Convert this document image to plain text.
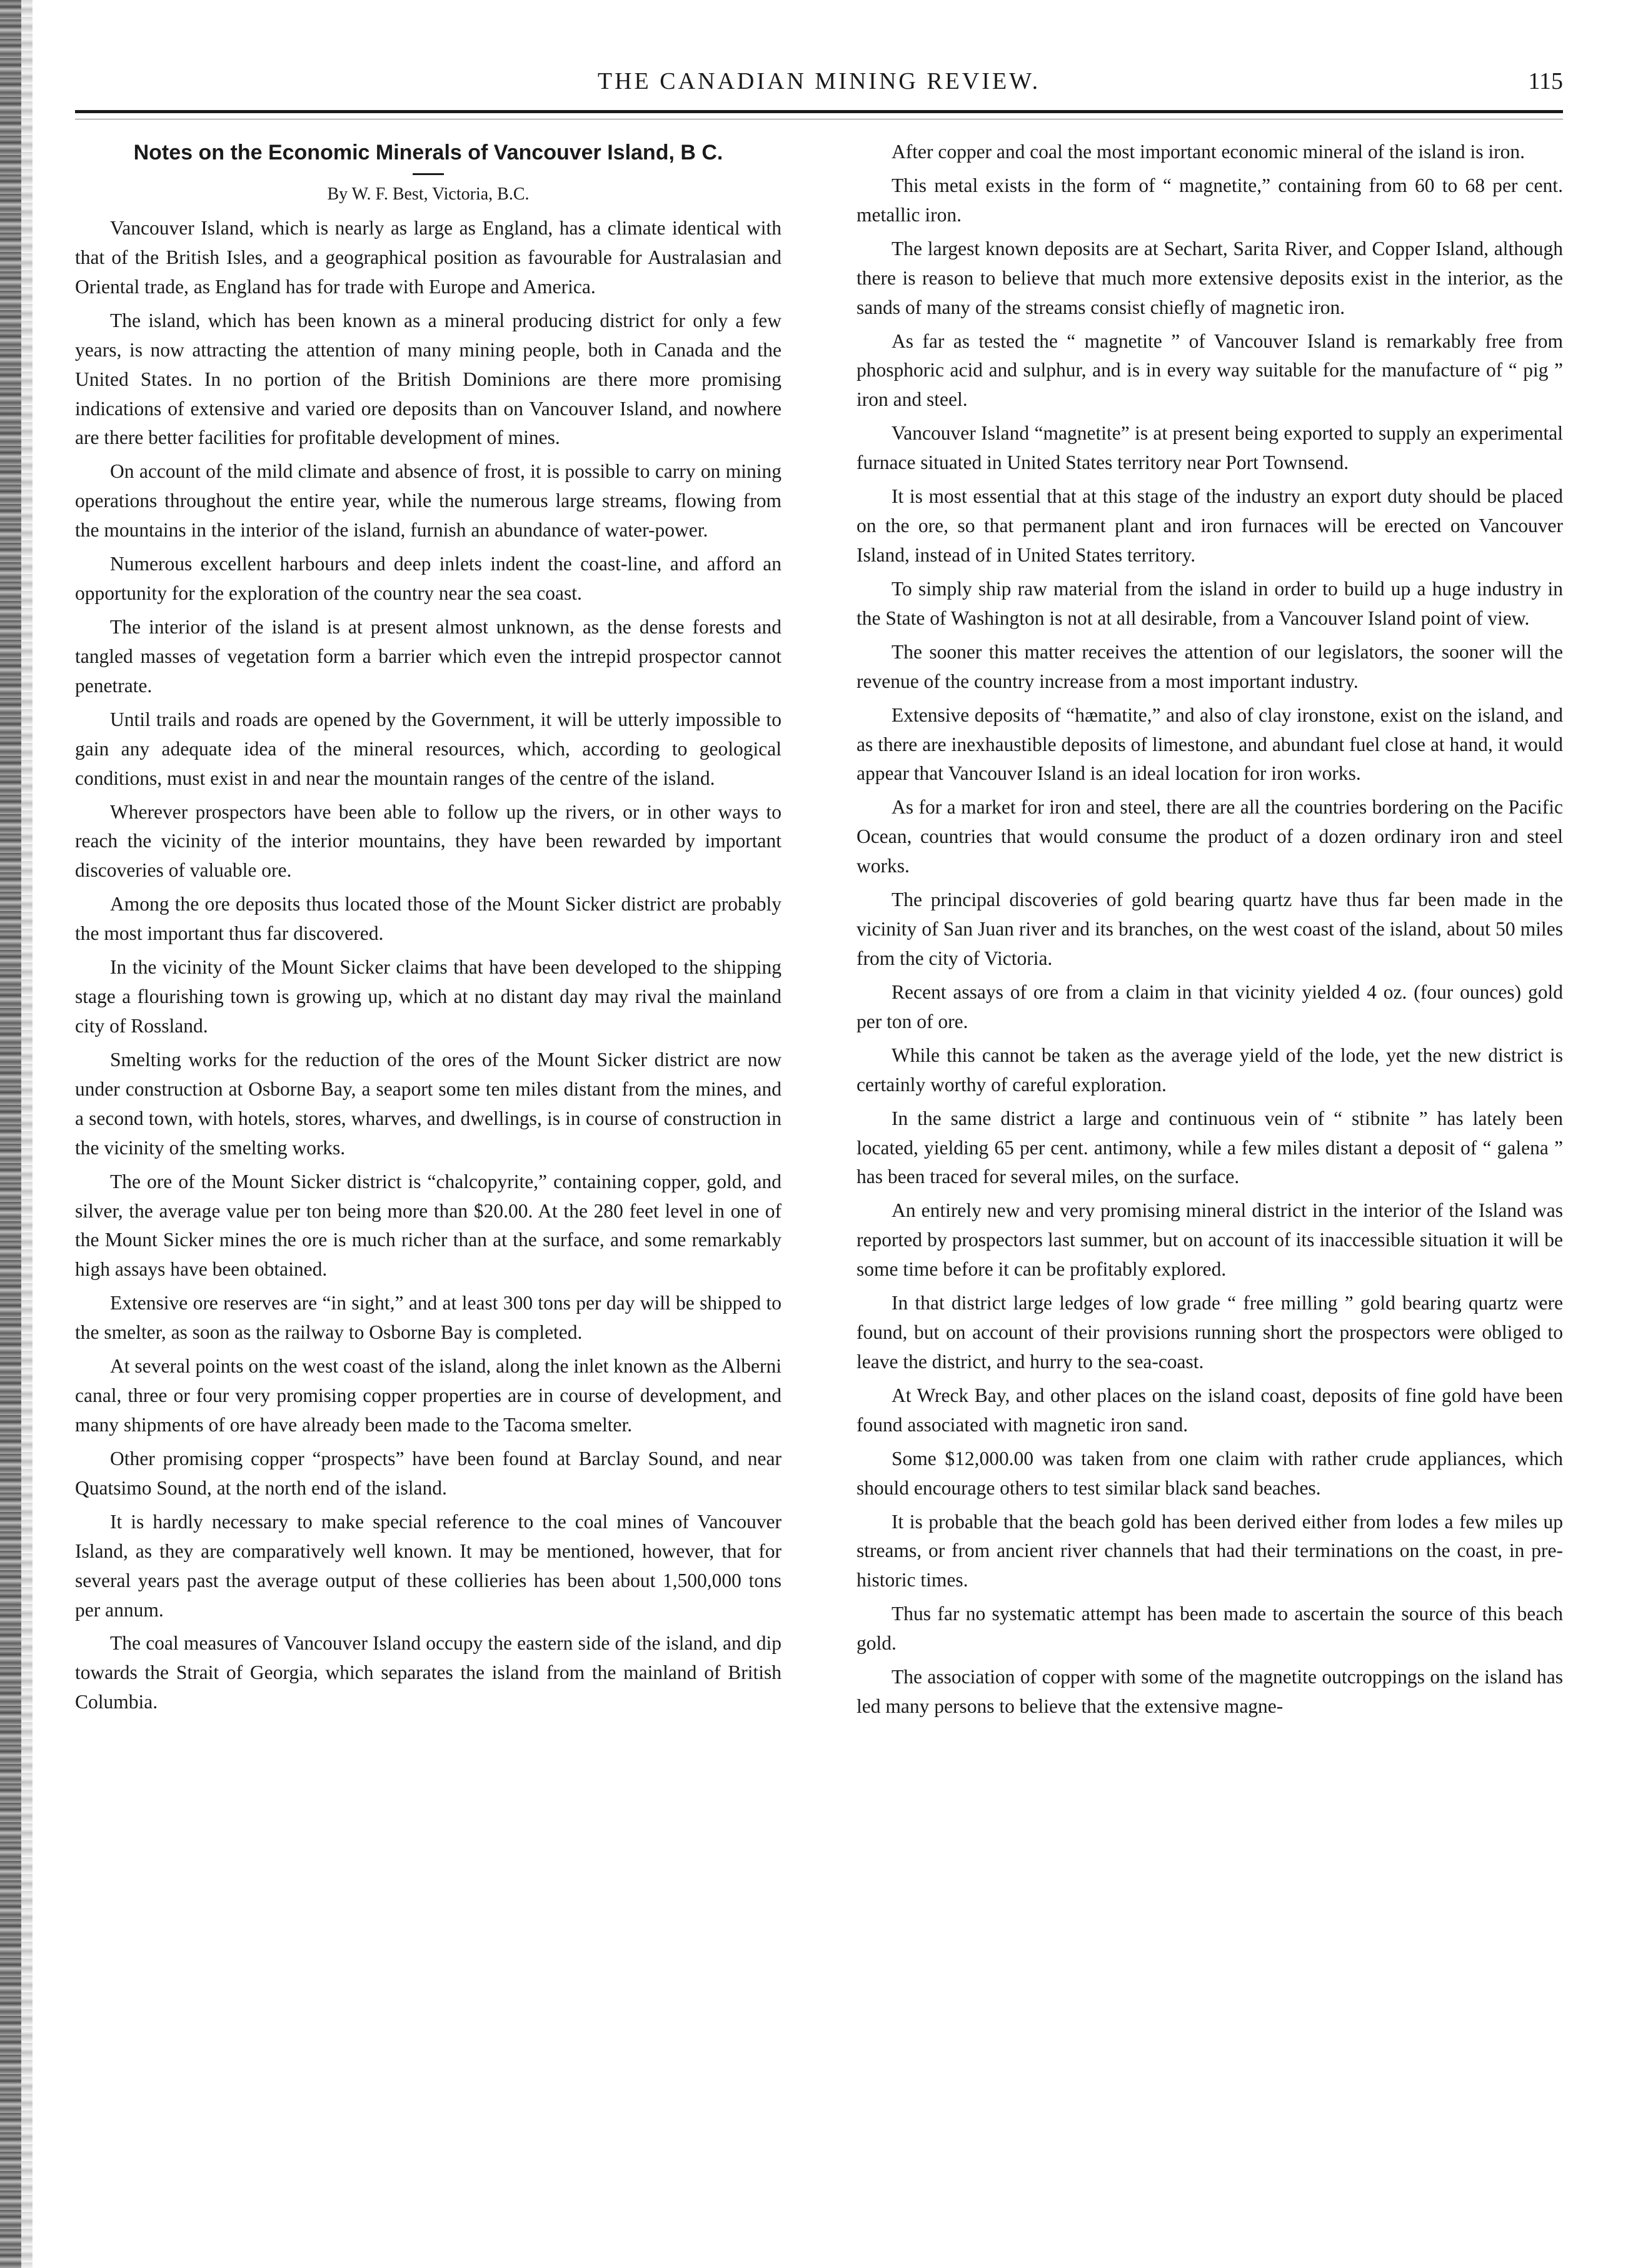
THE CANADIAN MINING REVIEW.	115
Notes on the Economic Minerals of Vancouver Island, B C.
By W. F. Best, Victoria, B.C.

Vancouver Island, which is nearly as large as England, has a climate identical with that of the British Isles, and a geographical position as favourable for Australasian and Oriental trade, as England has for trade with Europe and America.

The island, which has been known as a mineral producing district for only a few years, is now attracting the attention of many mining people, both in Canada and the United States. In no portion of the British Dominions are there more promising indications of extensive and varied ore deposits than on Vancouver Island, and nowhere are there better facilities for profitable development of mines.

On account of the mild climate and absence of frost, it is possible to carry on mining operations throughout the entire year, while the numerous large streams, flowing from the mountains in the interior of the island, furnish an abundance of water-power.

Numerous excellent harbours and deep inlets indent the coast-line, and afford an opportunity for the exploration of the country near the sea coast.

The interior of the island is at present almost unknown, as the dense forests and tangled masses of vegetation form a barrier which even the intrepid prospector cannot penetrate.

Until trails and roads are opened by the Government, it will be utterly impossible to gain any adequate idea of the mineral resources, which, according to geological conditions, must exist in and near the mountain ranges of the centre of the island.

Wherever prospectors have been able to follow up the rivers, or in other ways to reach the vicinity of the interior mountains, they have been rewarded by important discoveries of valuable ore.

Among the ore deposits thus located those of the Mount Sicker district are probably the most important thus far discovered.

In the vicinity of the Mount Sicker claims that have been developed to the shipping stage a flourishing town is growing up, which at no distant day may rival the mainland city of Rossland.

Smelting works for the reduction of the ores of the Mount Sicker district are now under construction at Osborne Bay, a seaport some ten miles distant from the mines, and a second town, with hotels, stores, wharves, and dwellings, is in course of construction in the vicinity of the smelting works.

The ore of the Mount Sicker district is “chalcopyrite,” containing copper, gold, and silver, the average value per ton being more than $20.00. At the 280 feet level in one of the Mount Sicker mines the ore is much richer than at the surface, and some remarkably high assays have been obtained.

Extensive ore reserves are “in sight,” and at least 300 tons per day will be shipped to the smelter, as soon as the railway to Osborne Bay is completed.

At several points on the west coast of the island, along the inlet known as the Alberni canal, three or four very promising copper properties are in course of development, and many shipments of ore have already been made to the Tacoma smelter.

Other promising copper “prospects” have been found at Barclay Sound, and near Quatsimo Sound, at the north end of the island.

It is hardly necessary to make special reference to the coal mines of Vancouver Island, as they are comparatively well known. It may be mentioned, however, that for several years past the average output of these collieries has been about 1,500,000 tons per annum.

The coal measures of Vancouver Island occupy the eastern side of the island, and dip towards the Strait of Georgia, which separates the island from the mainland of British Columbia.

After copper and coal the most important economic mineral of the island is iron.

This metal exists in the form of “ magnetite,” containing from 60 to 68 per cent. metallic iron.

The largest known deposits are at Sechart, Sarita River, and Copper Island, although there is reason to believe that much more extensive deposits exist in the interior, as the sands of many of the streams consist chiefly of magnetic iron.

As far as tested the “ magnetite ” of Vancouver Island is remarkably free from phosphoric acid and sulphur, and is in every way suitable for the manufacture of “ pig ” iron and steel.

Vancouver Island “magnetite” is at present being exported to supply an experimental furnace situated in United States territory near Port Townsend.

It is most essential that at this stage of the industry an export duty should be placed on the ore, so that permanent plant and iron furnaces will be erected on Vancouver Island, instead of in United States territory.

To simply ship raw material from the island in order to build up a huge industry in the State of Washington is not at all desirable, from a Vancouver Island point of view.

The sooner this matter receives the attention of our legislators, the sooner will the revenue of the country increase from a most important industry.

Extensive deposits of “hæmatite,” and also of clay ironstone, exist on the island, and as there are inexhaustible deposits of limestone, and abundant fuel close at hand, it would appear that Vancouver Island is an ideal location for iron works.

As for a market for iron and steel, there are all the countries bordering on the Pacific Ocean, countries that would consume the product of a dozen ordinary iron and steel works.

The principal discoveries of gold bearing quartz have thus far been made in the vicinity of San Juan river and its branches, on the west coast of the island, about 50 miles from the city of Victoria.

Recent assays of ore from a claim in that vicinity yielded 4 oz. (four ounces) gold per ton of ore.

While this cannot be taken as the average yield of the lode, yet the new district is certainly worthy of careful exploration.

In the same district a large and continuous vein of “ stibnite ” has lately been located, yielding 65 per cent. antimony, while a few miles distant a deposit of “ galena ” has been traced for several miles, on the surface.

An entirely new and very promising mineral district in the interior of the Island was reported by prospectors last summer, but on account of its inaccessible situation it will be some time before it can be profitably explored.

In that district large ledges of low grade “ free milling ” gold bearing quartz were found, but on account of their provisions running short the prospectors were obliged to leave the district, and hurry to the sea-coast.

At Wreck Bay, and other places on the island coast, deposits of fine gold have been found associated with magnetic iron sand.

Some $12,000.00 was taken from one claim with rather crude appliances, which should encourage others to test similar black sand beaches.

It is probable that the beach gold has been derived either from lodes a few miles up streams, or from ancient river channels that had their terminations on the coast, in pre-historic times.

Thus far no systematic attempt has been made to ascertain the source of this beach gold.

The association of copper with some of the magnetite outcroppings on the island has led many persons to believe that the extensive magne-
